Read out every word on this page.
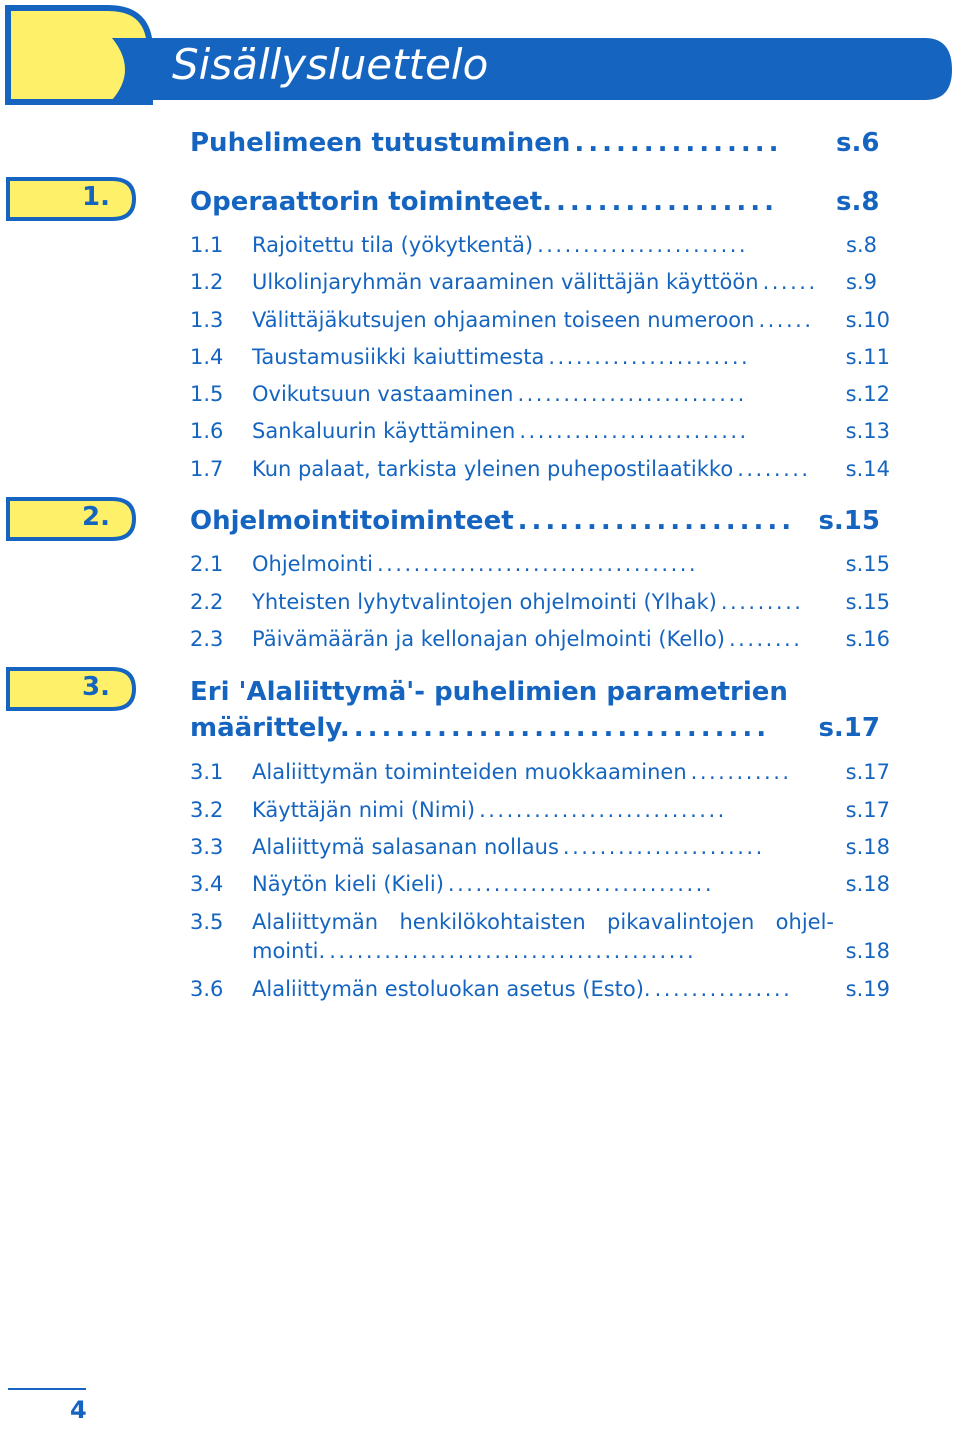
Sisällysluettelo
1.
2.
3.
Puhelimeen tutustuminen ...............	s.6
Operaattorin toiminteet. ................	s.8
1.1	Rajoitettu tila (yökytkentä) .......................	s.8
1.2	Ulkolinjaryhmän varaaminen välittäjän käyttöön ......	s.9
1.3	Välittäjäkutsujen ohjaaminen toiseen numeroon ......	s.10
1.4	Taustamusiikki kaiuttimesta ......................	s.11
1.5	Ovikutsuun vastaaminen .........................	s.12
1.6	Sankaluurin käyttäminen .........................	s.13
1.7	Kun palaat, tarkista yleinen puhepostilaatikko ........	s.14
Ohjelmointitoiminteet .................... s.15
2.1	Ohjelmointi ...................................	s.15
2.2	Yhteisten lyhytvalintojen ohjelmointi (Ylhak) .........	s.15
2.3	Päivämäärän ja kellonajan ohjelmointi (Kello) ........	s.16
Eri 'Alaliittymä'- puhelimien parametrien
määrittely. ..............................	s.17
3.1	Alaliittymän toiminteiden muokkaaminen ...........	s.17
3.2	Käyttäjän nimi (Nimi) ...........................	s.17
3.3	Alaliittymä salasanan nollaus ......................	s.18
3.4	Näytön kieli (Kieli) .............................	s.18
3.5	Alaliittymän henkilökohtaisten pikavalintojen ohjel-
mointi. ........................................	s.18
3.6	Alaliittymän estoluokan asetus (Esto). ...............	s.19
4
